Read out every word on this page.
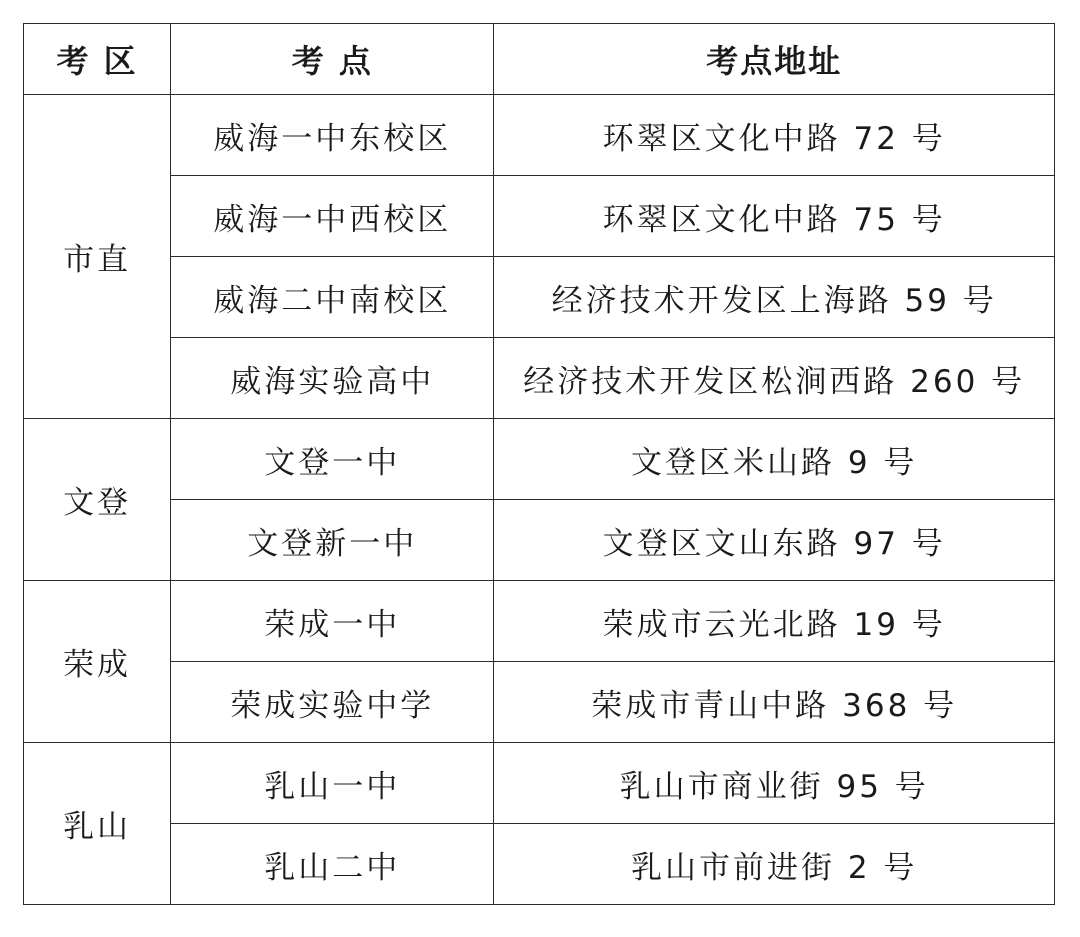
考 区	考 点	考点地址
市直	威海一中东校区	环翠区文化中路 72 号
	威海一中西校区	环翠区文化中路 75 号
	威海二中南校区	经济技术开发区上海路 59 号
	威海实验高中	经济技术开发区松涧西路 260 号
文登	文登一中	文登区米山路 9 号
	文登新一中	文登区文山东路 97 号
荣成	荣成一中	荣成市云光北路 19 号
	荣成实验中学	荣成市青山中路 368 号
乳山	乳山一中	乳山市商业街 95 号
	乳山二中	乳山市前进街 2 号
